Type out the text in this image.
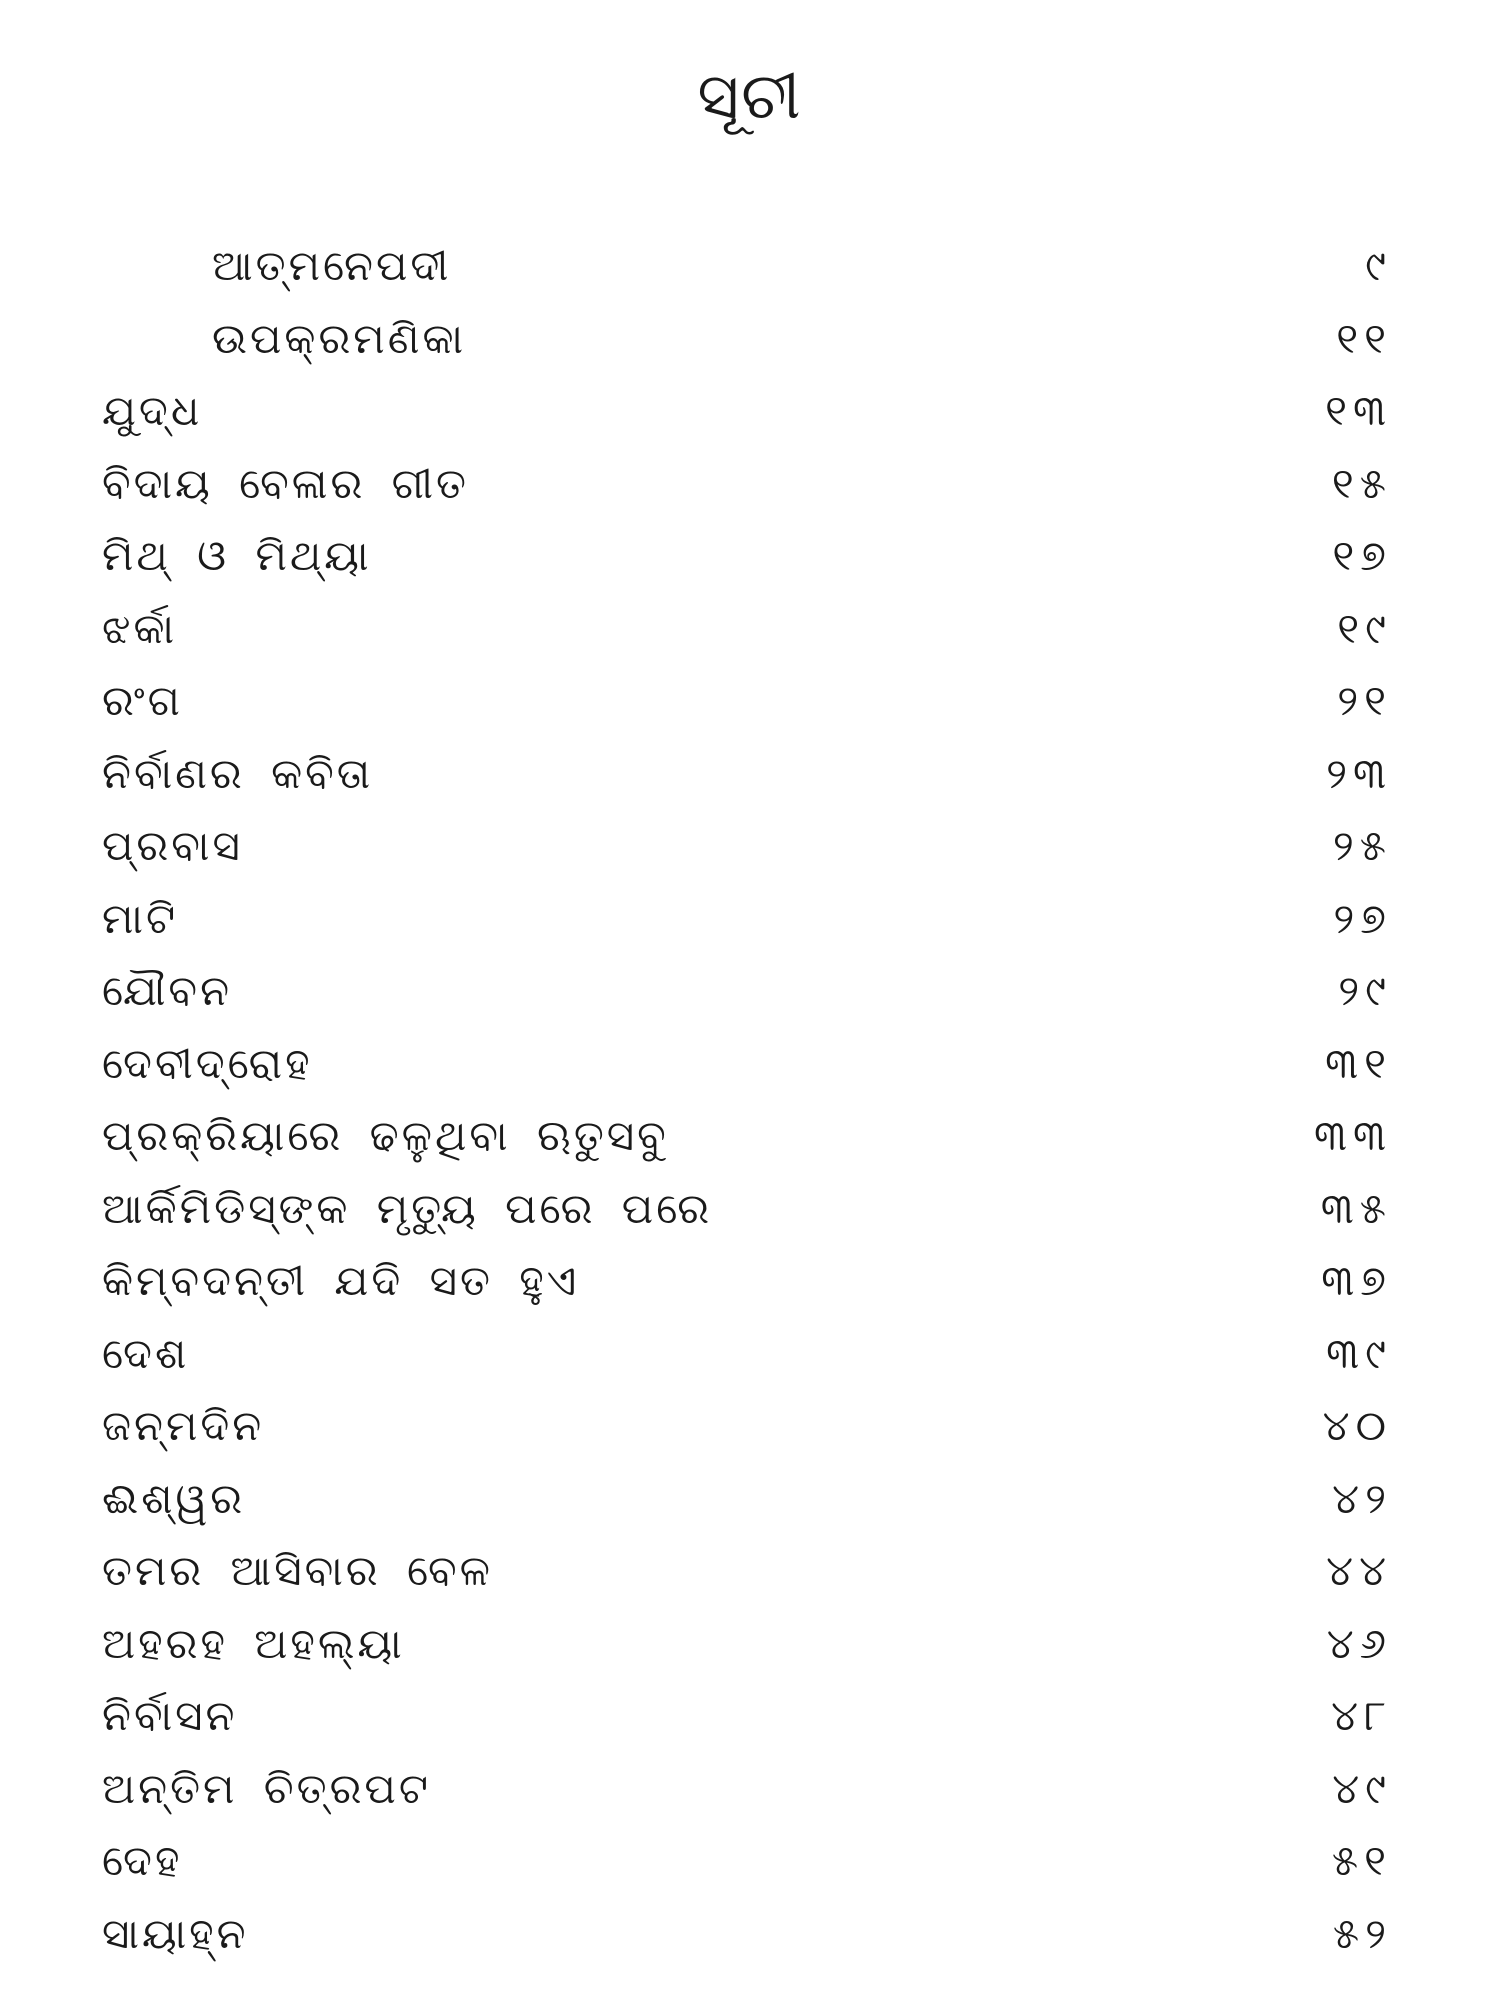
ସୂଚୀ
ଆତ୍ମନେପଦୀ	୯
ଉପକ୍ରମଣିକା	୧୧
ଯୁଦ୍ଧ	୧୩
ବିଦାୟ ବେଳାର ଗୀତ	୧୫
ମିଥ୍ ଓ ମିଥ୍ୟା	୧୭
ଝର୍କା	୧୯
ରଂଗ	୨୧
ନିର୍ବାଣର କବିତା	୨୩
ପ୍ରବାସ	୨୫
ମାଟି	୨୭
ଯୌବନ	୨୯
ଦେବୀଦ୍ରୋହ	୩୧
ପ୍ରକ୍ରିୟାରେ ଢଳୁଥିବା ଋତୁସବୁ	୩୩
ଆର୍କିମିଡିସ୍ଙ୍କ ମୃତ୍ୟୁ ପରେ ପରେ	୩୫
କିମ୍ବଦନ୍ତୀ ଯଦି ସତ ହୁଏ	୩୭
ଦେଶ	୩୯
ଜନ୍ମଦିନ	୪୦
ଈଶ୍ୱର	୪୨
ତମର ଆସିବାର ବେଳ	୪୪
ଅହରହ ଅହଲ୍ୟା	୪୬
ନିର୍ବାସନ	୪୮
ଅନ୍ତିମ ଚିତ୍ରପଟ	୪୯
ଦେହ	୫୧
ସାୟାହ୍ନ	୫୨
